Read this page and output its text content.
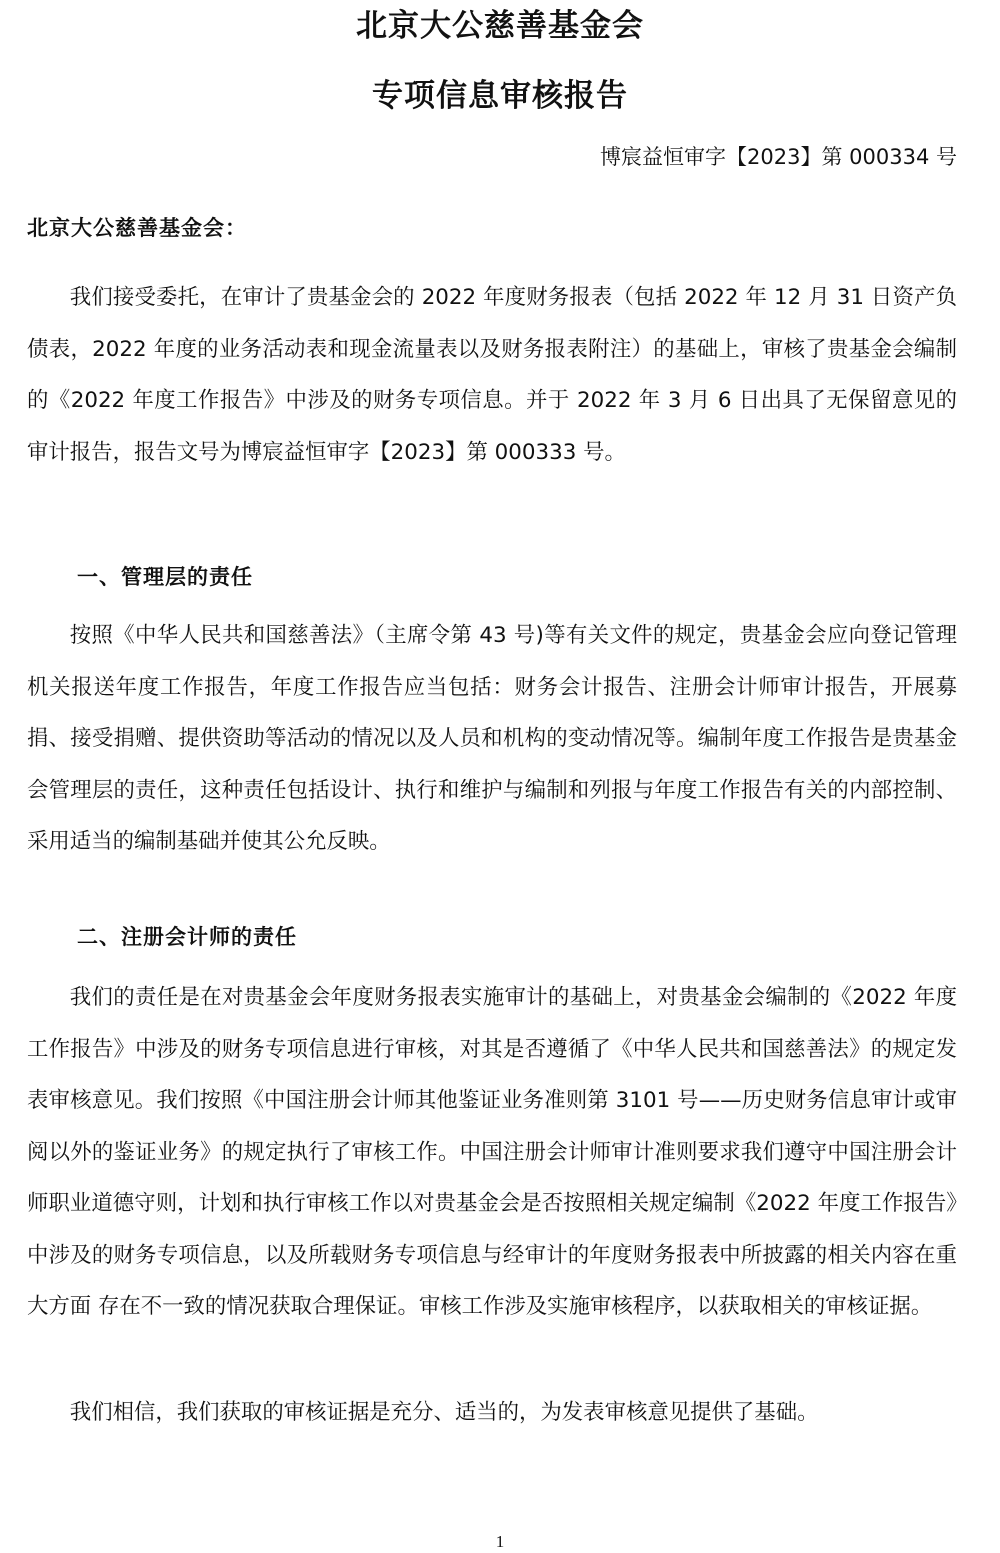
北京大公慈善基金会
专项信息审核报告
博宸益恒审字【2023】第 000334 号
北京大公慈善基金会：

我们接受委托，在审计了贵基金会的 2022 年度财务报表（包括 2022 年 12 月 31 日资产负债表，2022 年度的业务活动表和现金流量表以及财务报表附注）的基础上，审核了贵基金会编制的《2022 年度工作报告》中涉及的财务专项信息。并于 2022 年 3 月 6 日出具了无保留意见的审计报告，报告文号为博宸益恒审字【2023】第 000333 号。

一、管理层的责任

按照《中华人民共和国慈善法》（主席令第 43 号)等有关文件的规定，贵基金会应向登记管理机关报送年度工作报告，年度工作报告应当包括：财务会计报告、注册会计师审计报告，开展募捐、接受捐赠、提供资助等活动的情况以及人员和机构的变动情况等。编制年度工作报告是贵基金会管理层的责任，这种责任包括设计、执行和维护与编制和列报与年度工作报告有关的内部控制、采用适当的编制基础并使其公允反映。

二、注册会计师的责任

我们的责任是在对贵基金会年度财务报表实施审计的基础上，对贵基金会编制的《2022 年度工作报告》中涉及的财务专项信息进行审核，对其是否遵循了《中华人民共和国慈善法》的规定发表审核意见。我们按照《中国注册会计师其他鉴证业务准则第 3101 号——历史财务信息审计或审阅以外的鉴证业务》的规定执行了审核工作。中国注册会计师审计准则要求我们遵守中国注册会计师职业道德守则，计划和执行审核工作以对贵基金会是否按照相关规定编制《2022 年度工作报告》中涉及的财务专项信息，以及所载财务专项信息与经审计的年度财务报表中所披露的相关内容在重大方面 存在不一致的情况获取合理保证。审核工作涉及实施审核程序，以获取相关的审核证据。

我们相信，我们获取的审核证据是充分、适当的，为发表审核意见提供了基础。

1
